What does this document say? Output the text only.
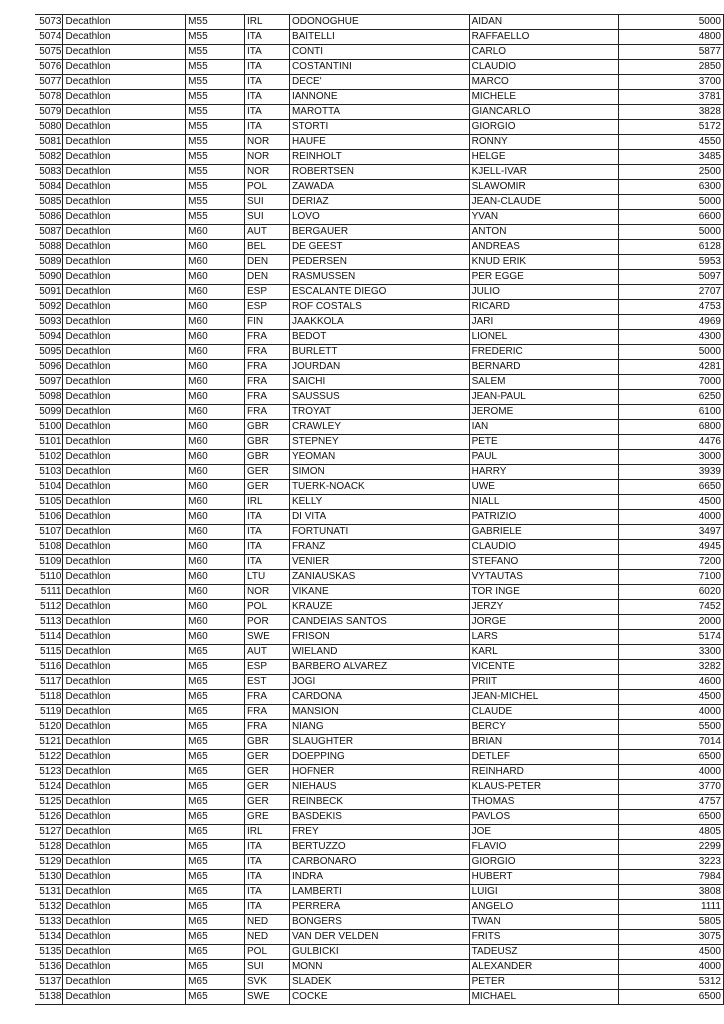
5073	Decathlon	M55	IRL	ODONOGHUE	AIDAN	5000
5074	Decathlon	M55	ITA	BAITELLI	RAFFAELLO	4800
5075	Decathlon	M55	ITA	CONTI	CARLO	5877
5076	Decathlon	M55	ITA	COSTANTINI	CLAUDIO	2850
5077	Decathlon	M55	ITA	DECE'	MARCO	3700
5078	Decathlon	M55	ITA	IANNONE	MICHELE	3781
5079	Decathlon	M55	ITA	MAROTTA	GIANCARLO	3828
5080	Decathlon	M55	ITA	STORTI	GIORGIO	5172
5081	Decathlon	M55	NOR	HAUFE	RONNY	4550
5082	Decathlon	M55	NOR	REINHOLT	HELGE	3485
5083	Decathlon	M55	NOR	ROBERTSEN	KJELL-IVAR	2500
5084	Decathlon	M55	POL	ZAWADA	SLAWOMIR	6300
5085	Decathlon	M55	SUI	DERIAZ	JEAN-CLAUDE	5000
5086	Decathlon	M55	SUI	LOVO	YVAN	6600
5087	Decathlon	M60	AUT	BERGAUER	ANTON	5000
5088	Decathlon	M60	BEL	DE GEEST	ANDREAS	6128
5089	Decathlon	M60	DEN	PEDERSEN	KNUD ERIK	5953
5090	Decathlon	M60	DEN	RASMUSSEN	PER EGGE	5097
5091	Decathlon	M60	ESP	ESCALANTE DIEGO	JULIO	2707
5092	Decathlon	M60	ESP	ROF COSTALS	RICARD	4753
5093	Decathlon	M60	FIN	JAAKKOLA	JARI	4969
5094	Decathlon	M60	FRA	BEDOT	LIONEL	4300
5095	Decathlon	M60	FRA	BURLETT	FREDERIC	5000
5096	Decathlon	M60	FRA	JOURDAN	BERNARD	4281
5097	Decathlon	M60	FRA	SAICHI	SALEM	7000
5098	Decathlon	M60	FRA	SAUSSUS	JEAN-PAUL	6250
5099	Decathlon	M60	FRA	TROYAT	JEROME	6100
5100	Decathlon	M60	GBR	CRAWLEY	IAN	6800
5101	Decathlon	M60	GBR	STEPNEY	PETE	4476
5102	Decathlon	M60	GBR	YEOMAN	PAUL	3000
5103	Decathlon	M60	GER	SIMON	HARRY	3939
5104	Decathlon	M60	GER	TUERK-NOACK	UWE	6650
5105	Decathlon	M60	IRL	KELLY	NIALL	4500
5106	Decathlon	M60	ITA	DI VITA	PATRIZIO	4000
5107	Decathlon	M60	ITA	FORTUNATI	GABRIELE	3497
5108	Decathlon	M60	ITA	FRANZ	CLAUDIO	4945
5109	Decathlon	M60	ITA	VENIER	STEFANO	7200
5110	Decathlon	M60	LTU	ZANIAUSKAS	VYTAUTAS	7100
5111	Decathlon	M60	NOR	VIKANE	TOR INGE	6020
5112	Decathlon	M60	POL	KRAUZE	JERZY	7452
5113	Decathlon	M60	POR	CANDEIAS SANTOS	JORGE	2000
5114	Decathlon	M60	SWE	FRISON	LARS	5174
5115	Decathlon	M65	AUT	WIELAND	KARL	3300
5116	Decathlon	M65	ESP	BARBERO ALVAREZ	VICENTE	3282
5117	Decathlon	M65	EST	JOGI	PRIIT	4600
5118	Decathlon	M65	FRA	CARDONA	JEAN-MICHEL	4500
5119	Decathlon	M65	FRA	MANSION	CLAUDE	4000
5120	Decathlon	M65	FRA	NIANG	BERCY	5500
5121	Decathlon	M65	GBR	SLAUGHTER	BRIAN	7014
5122	Decathlon	M65	GER	DOEPPING	DETLEF	6500
5123	Decathlon	M65	GER	HOFNER	REINHARD	4000
5124	Decathlon	M65	GER	NIEHAUS	KLAUS-PETER	3770
5125	Decathlon	M65	GER	REINBECK	THOMAS	4757
5126	Decathlon	M65	GRE	BASDEKIS	PAVLOS	6500
5127	Decathlon	M65	IRL	FREY	JOE	4805
5128	Decathlon	M65	ITA	BERTUZZO	FLAVIO	2299
5129	Decathlon	M65	ITA	CARBONARO	GIORGIO	3223
5130	Decathlon	M65	ITA	INDRA	HUBERT	7984
5131	Decathlon	M65	ITA	LAMBERTI	LUIGI	3808
5132	Decathlon	M65	ITA	PERRERA	ANGELO	1111
5133	Decathlon	M65	NED	BONGERS	TWAN	5805
5134	Decathlon	M65	NED	VAN DER VELDEN	FRITS	3075
5135	Decathlon	M65	POL	GULBICKI	TADEUSZ	4500
5136	Decathlon	M65	SUI	MONN	ALEXANDER	4000
5137	Decathlon	M65	SVK	SLADEK	PETER	5312
5138	Decathlon	M65	SWE	COCKE	MICHAEL	6500
